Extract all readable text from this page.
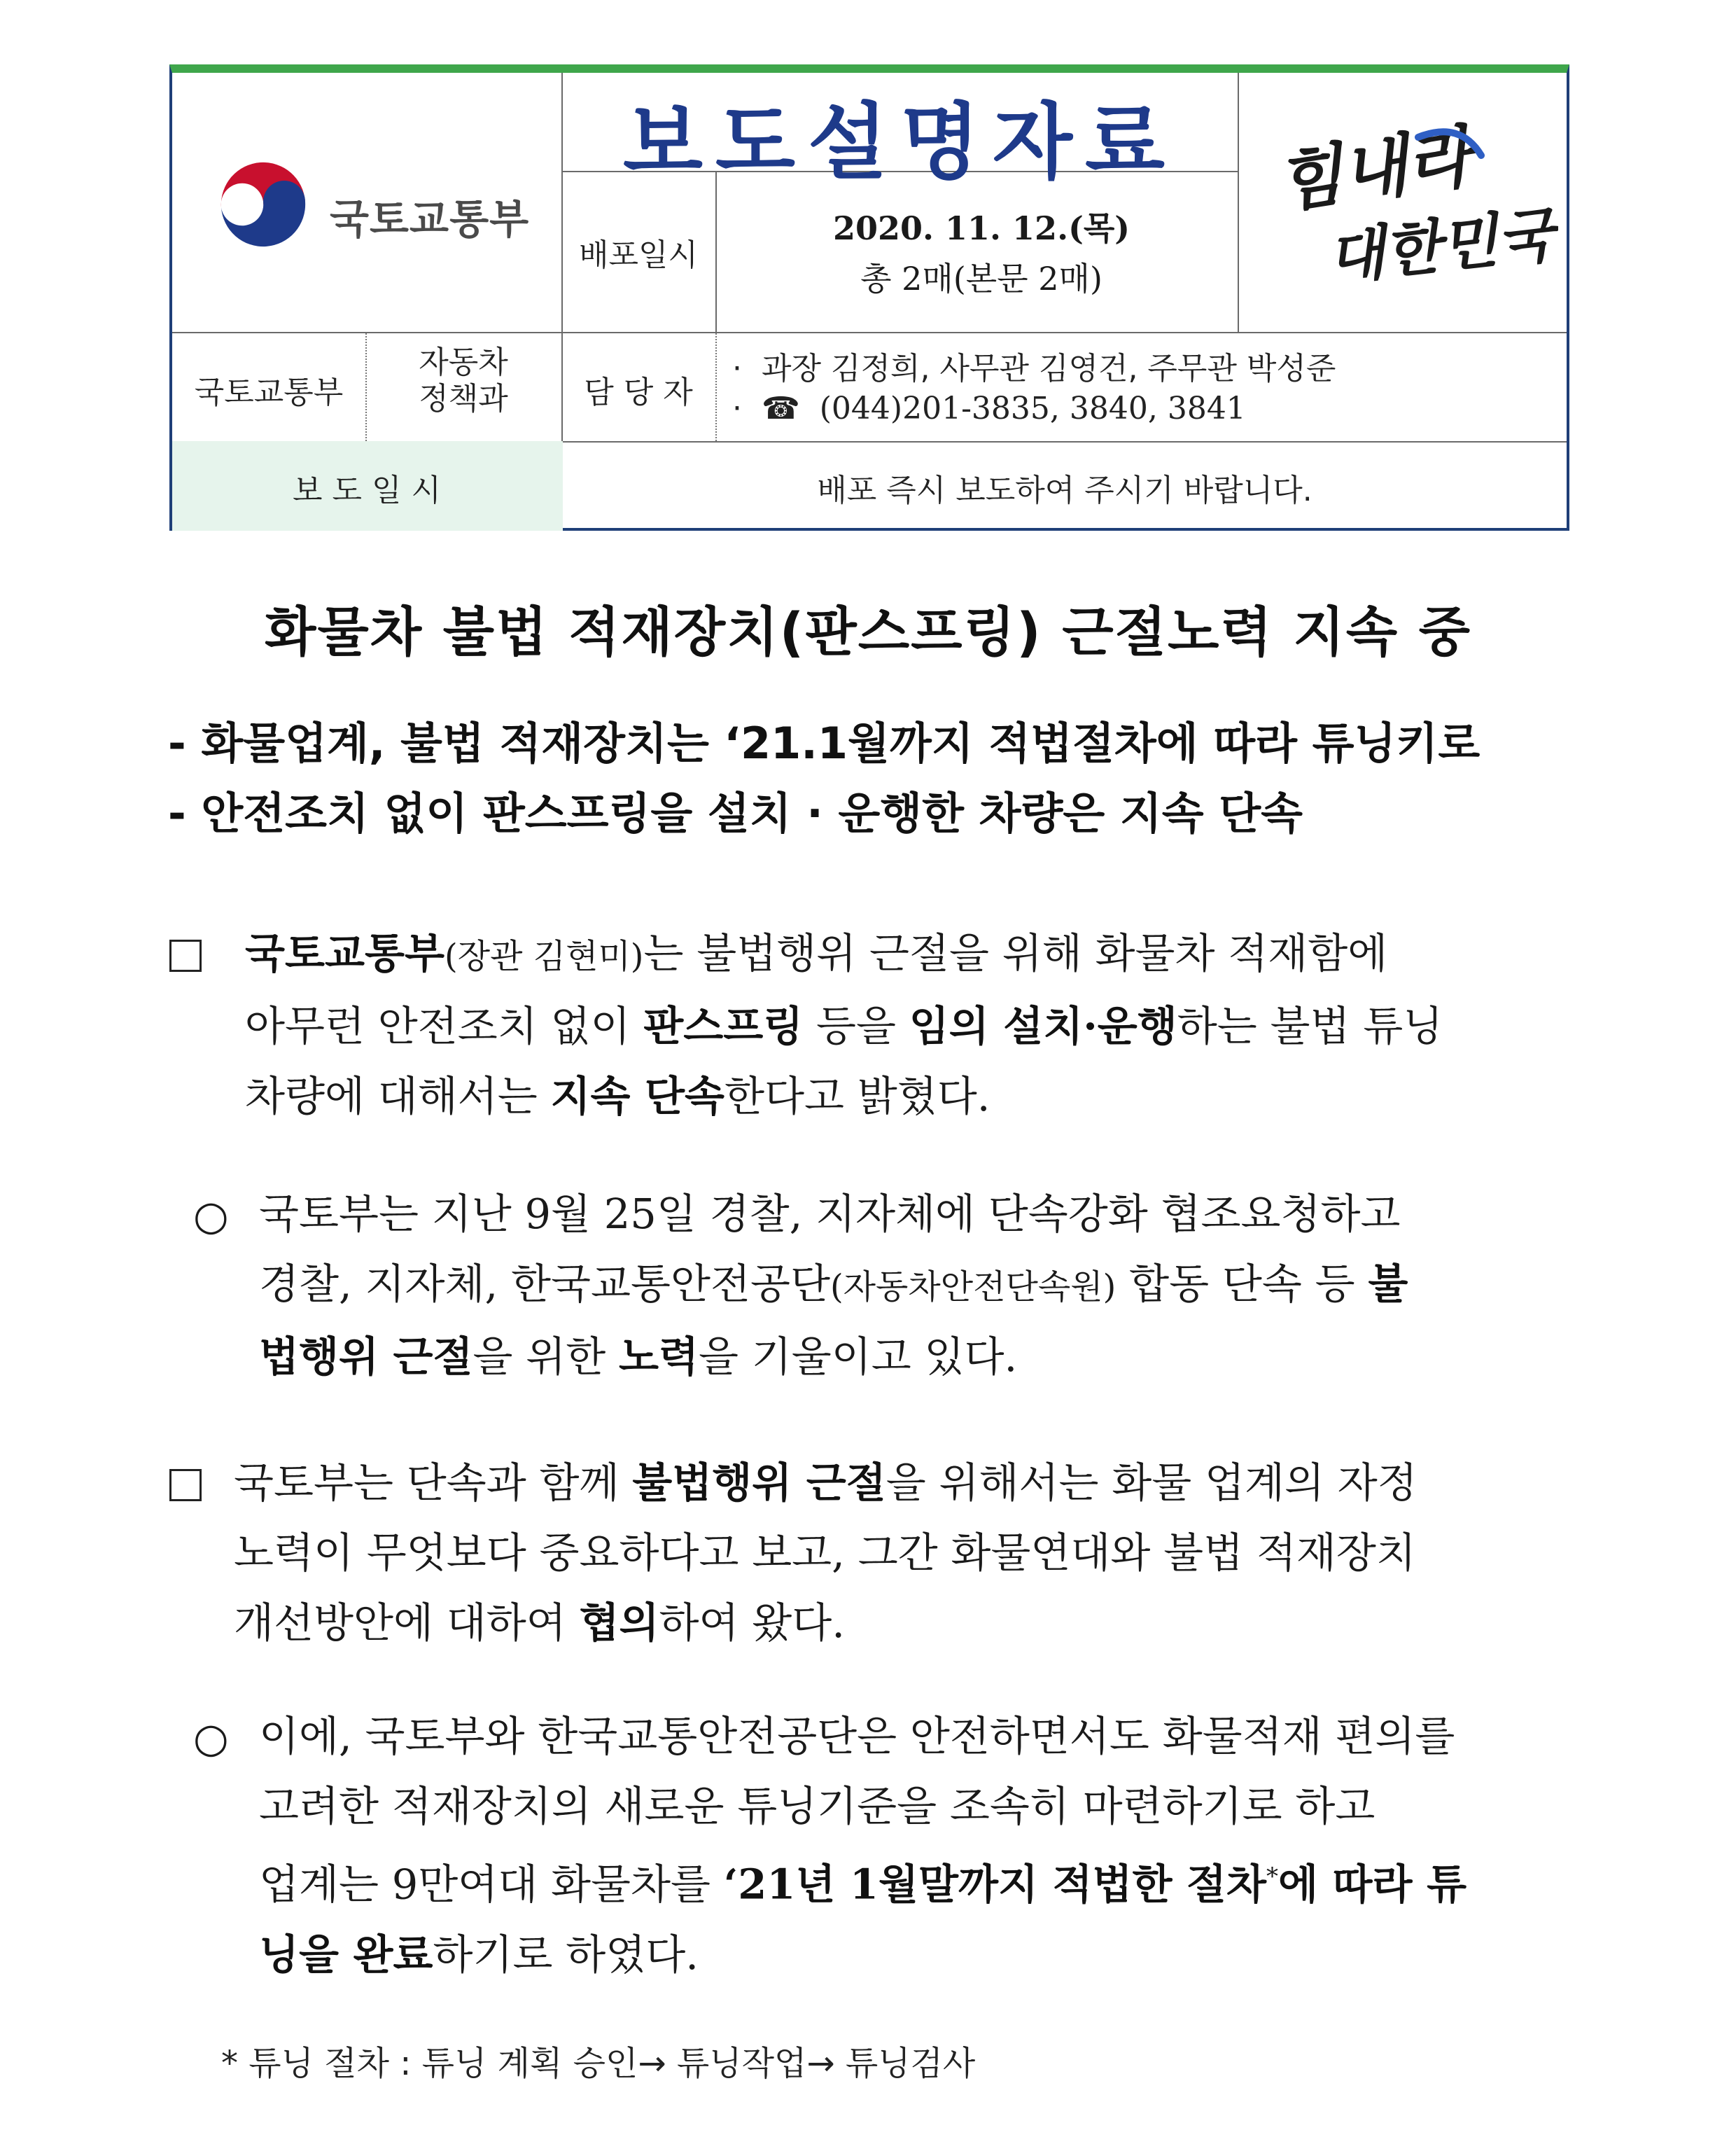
국토교통부
보도설명자료
배포일시
2020. 11. 12.(목)
총 2매(본문 2매)
힘내라
대한민국
국토교통부
자동차
정책과	담 당 자
·  과장 김정희, 사무관 김영건, 주무관 박성준
·  ☎ (044)201-3835, 3840, 3841
보 도 일 시	배포 즉시 보도하여 주시기 바랍니다.
화물차 불법 적재장치(판스프링) 근절노력 지속 중
- 화물업계, 불법 적재장치는 ‘21.1월까지 적법절차에 따라 튜닝키로
- 안전조치 없이 판스프링을 설치 · 운행한 차량은 지속 단속
국토교통부(장관 김현미)는 불법행위 근절을 위해 화물차 적재함에
아무런 안전조치 없이 판스프링 등을 임의 설치·운행하는 불법 튜닝
차량에 대해서는 지속 단속한다고 밝혔다.
○ 국토부는 지난 9월 25일 경찰, 지자체에 단속강화 협조요청하고
경찰, 지자체, 한국교통안전공단(자동차안전단속원) 합동 단속 등 불
법행위 근절을 위한 노력을 기울이고 있다.
국토부는 단속과 함께 불법행위 근절을 위해서는 화물 업계의 자정
노력이 무엇보다 중요하다고 보고, 그간 화물연대와 불법 적재장치
개선방안에 대하여 협의하여 왔다.
○ 이에, 국토부와 한국교통안전공단은 안전하면서도 화물적재 편의를
고려한 적재장치의 새로운 튜닝기준을 조속히 마련하기로 하고
업계는 9만여대 화물차를 ‘21년 1월말까지 적법한 절차*에 따라 튜
닝을 완료하기로 하였다.
* 튜닝 절차 : 튜닝 계획 승인→ 튜닝작업→ 튜닝검사
